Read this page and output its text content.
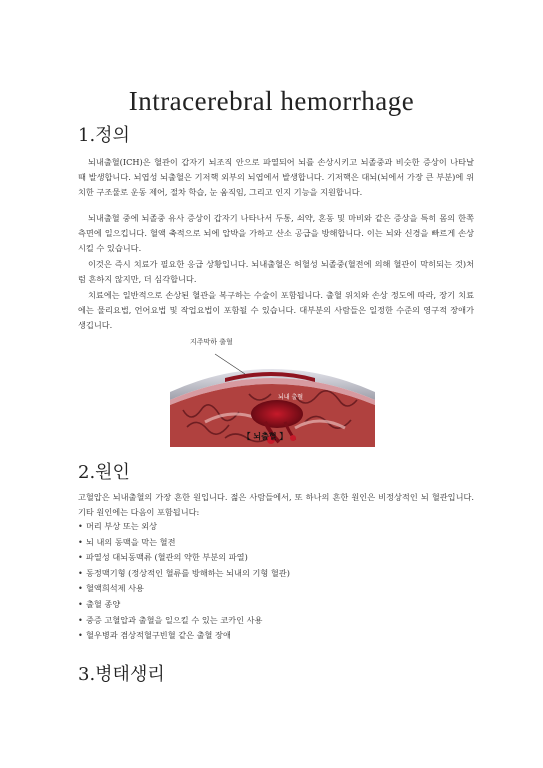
Intracerebral hemorrhage
1.정의

뇌내출혈(ICH)은 혈관이 갑자기 뇌조직 안으로 파열되어 뇌를 손상시키고 뇌졸중과 비슷한 증상이 나타날 때 발생합니다. 뇌엽성 뇌출혈은 기저핵 외부의 뇌엽에서 발생합니다. 기저핵은 대뇌(뇌에서 가장 큰 부분)에 위치한 구조물로 운동 제어, 절차 학습, 눈 움직임, 그리고 인지 기능을 지원합니다.

뇌내출혈 중에 뇌졸중 유사 증상이 갑자기 나타나서 두통, 쇠약, 혼동 및 마비와 같은 증상을 특히 몸의 한쪽 측면에 일으킵니다. 혈액 축적으로 뇌에 압박을 가하고 산소 공급을 방해합니다. 이는 뇌와 신경을 빠르게 손상시킬 수 있습니다.

이것은 즉시 치료가 필요한 응급 상황입니다. 뇌내출혈은 허혈성 뇌졸중(혈전에 의해 혈관이 막히되는 것)처럼 흔하지 않지만, 더 심각합니다.

치료에는 일반적으로 손상된 혈관을 복구하는 수술이 포함됩니다. 출혈 위치와 손상 정도에 따라, 장기 치료에는 물리요법, 언어요법 및 작업요법이 포함될 수 있습니다. 대부분의 사람들은 일정한 수준의 영구적 장애가 생깁니다.

지주막하 출혈
뇌내 출혈
【 뇌출혈 】
2.원인

고혈압은 뇌내출혈의 가장 흔한 원입니다. 젊은 사람들에서, 또 하나의 흔한 원인은 비정상적인 뇌 혈관입니다. 기타 원인에는 다음이 포함됩니다:

• 머리 부상 또는 외상
• 뇌 내의 동맥을 막는 혈전
• 파열성 대뇌동맥류 (혈관의 약한 부분의 파열)
• 동정맥기형 (정상적인 혈류를 방해하는 뇌내의 기형 혈관)
• 혈액희석제 사용
• 출혈 종양
• 중증 고혈압과 출혈을 일으킬 수 있는 코카인 사용
• 혈우병과 겸상적혈구빈혈 같은 출혈 장애
3.병태생리
